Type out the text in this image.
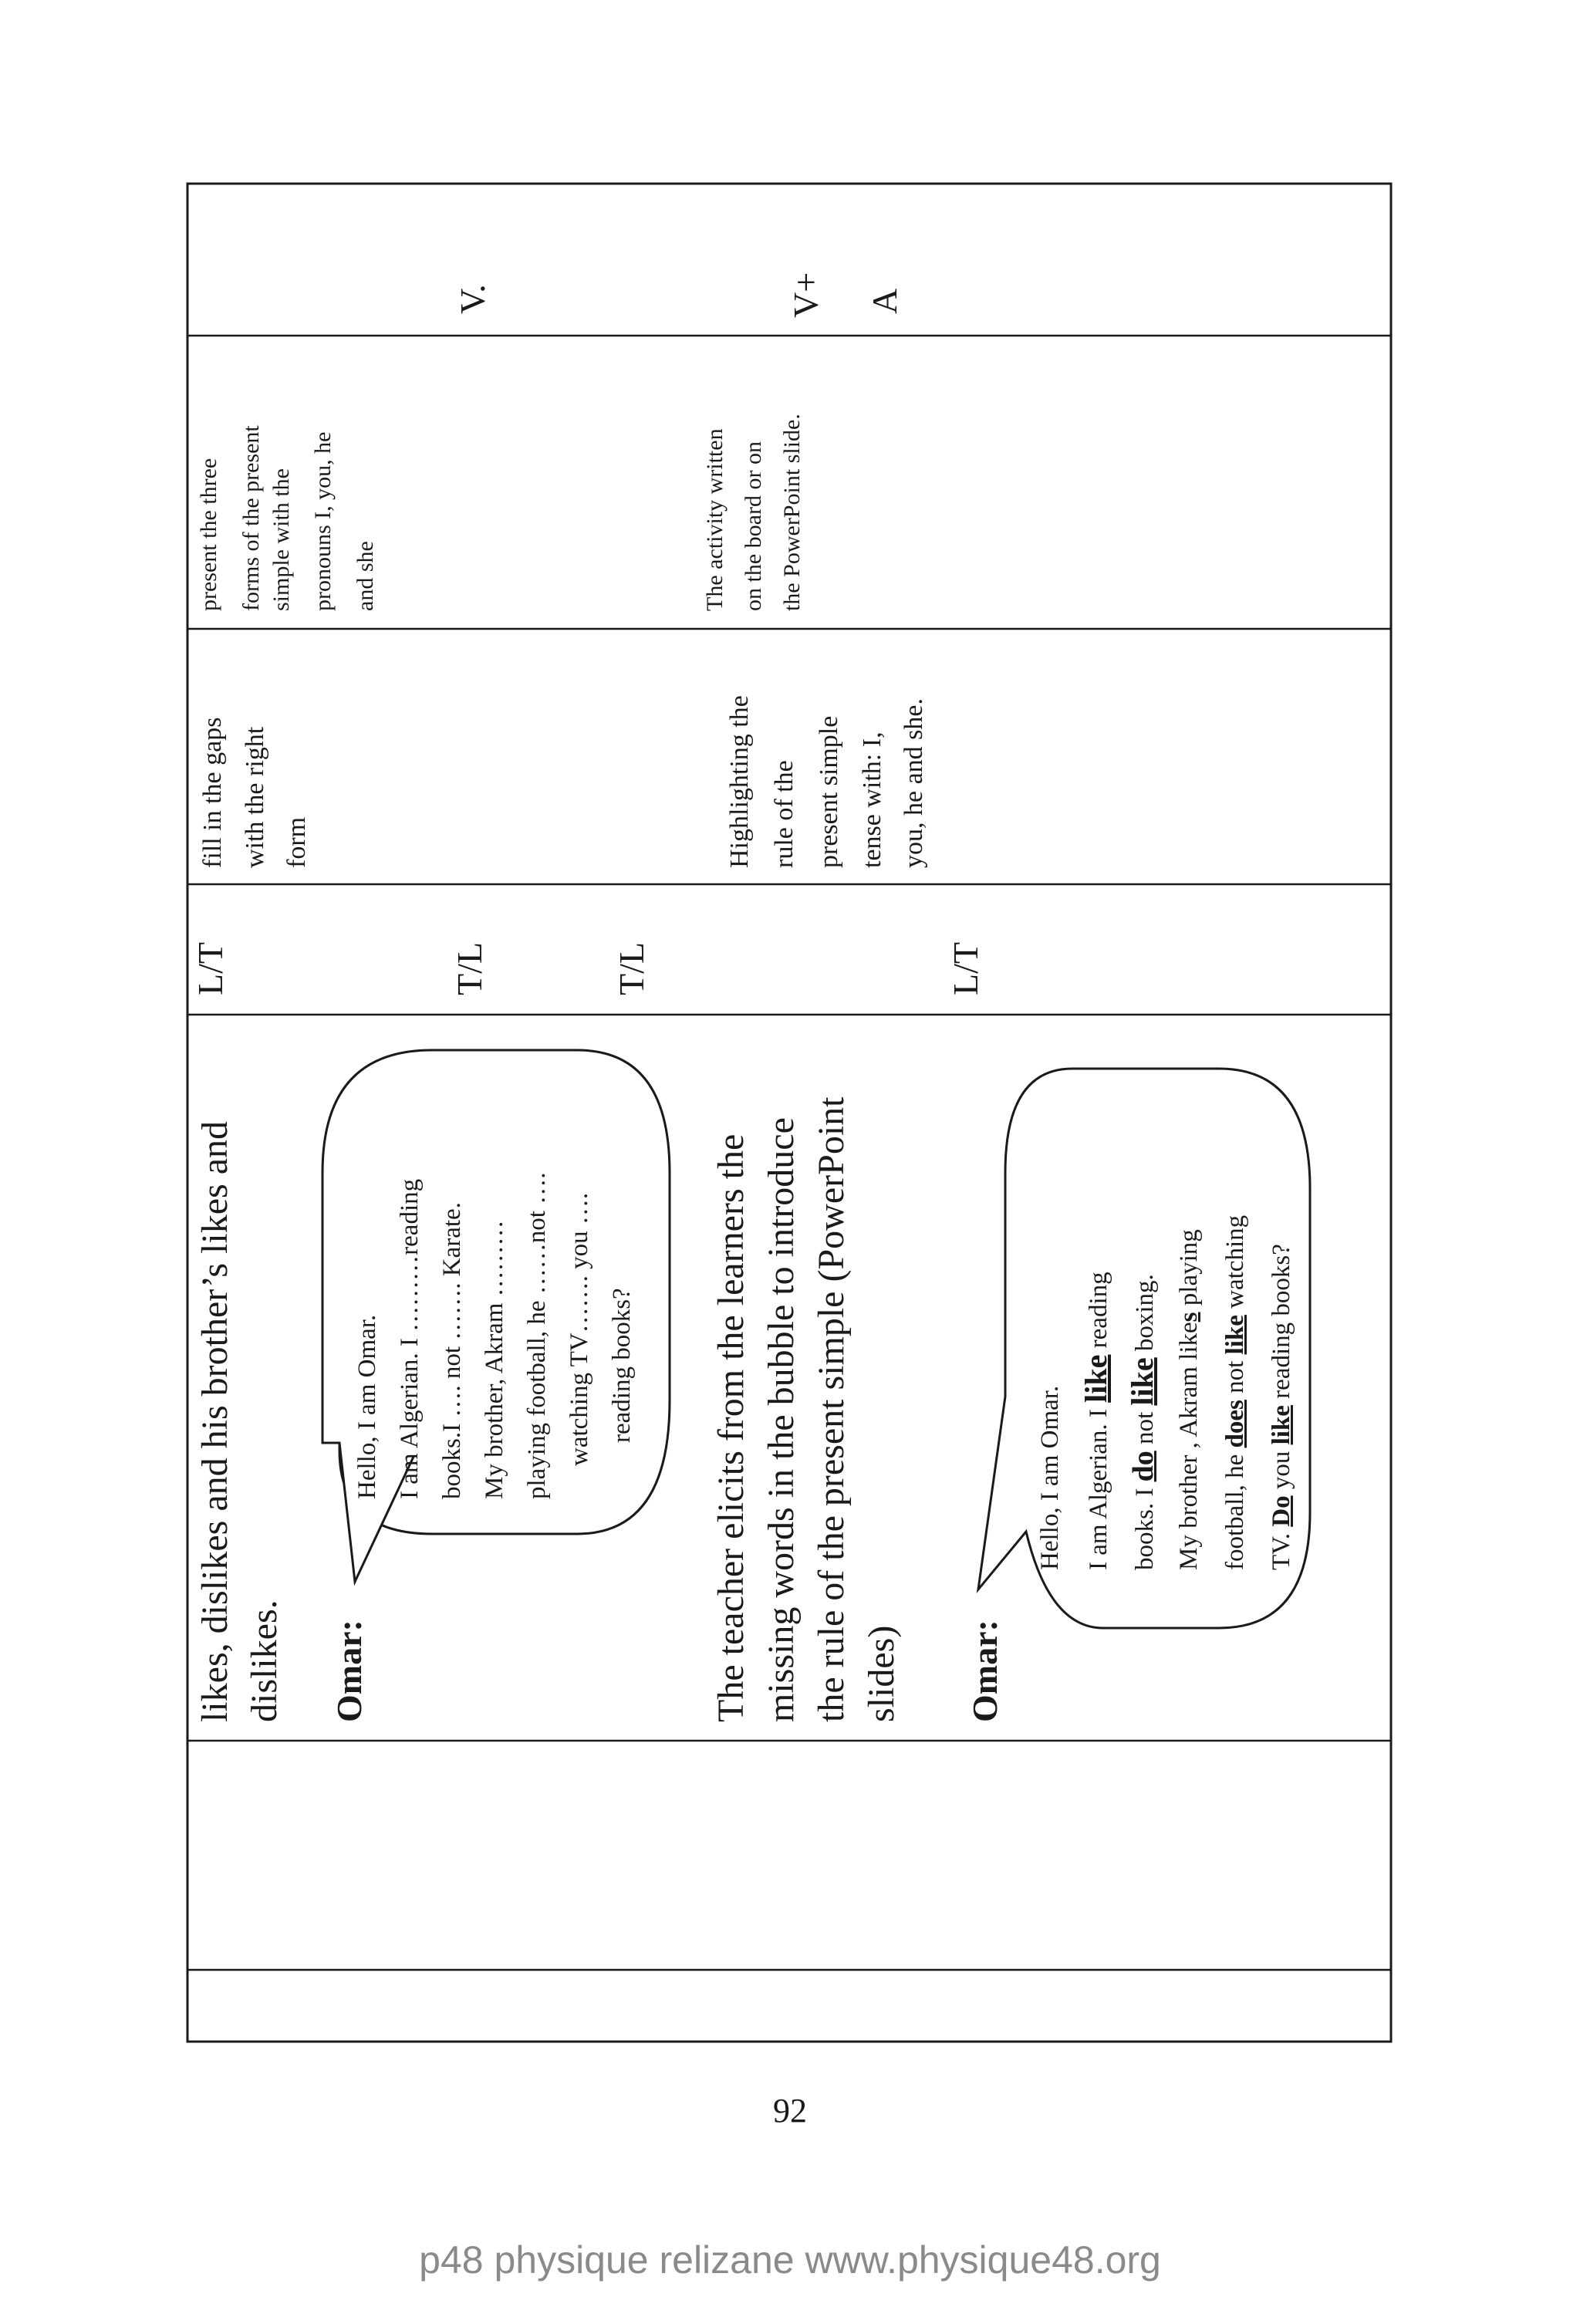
V.	V+ A
present the three forms of the present simple with the pronouns I, you, he and she	The activity written on the board or on the PowerPoint slide.
fill in the gaps with the right form	Highlighting the rule of the present simple tense with: I, you, he and she.
L/T	T/L	T/L	L/T
likes, dislikes and his brother’s likes and dislikes. Omar:	The teacher elicits from the learners the missing words in the bubble to introduce the rule of the present simple (PowerPoint slides) Omar:
Hello, I am Omar. I am Algerian. I ………reading books.I …. not ……. Karate. My brother, Akram ……… playing football, he ……not …. watching TV……. you …. reading books?
Hello, I am Omar. I am Algerian. I like reading
books. I do not like boxing.
My brother , Akram likes playing
football, he does not like watching
TV. Do you like reading books?
92
p48 physique relizane www.physique48.org
